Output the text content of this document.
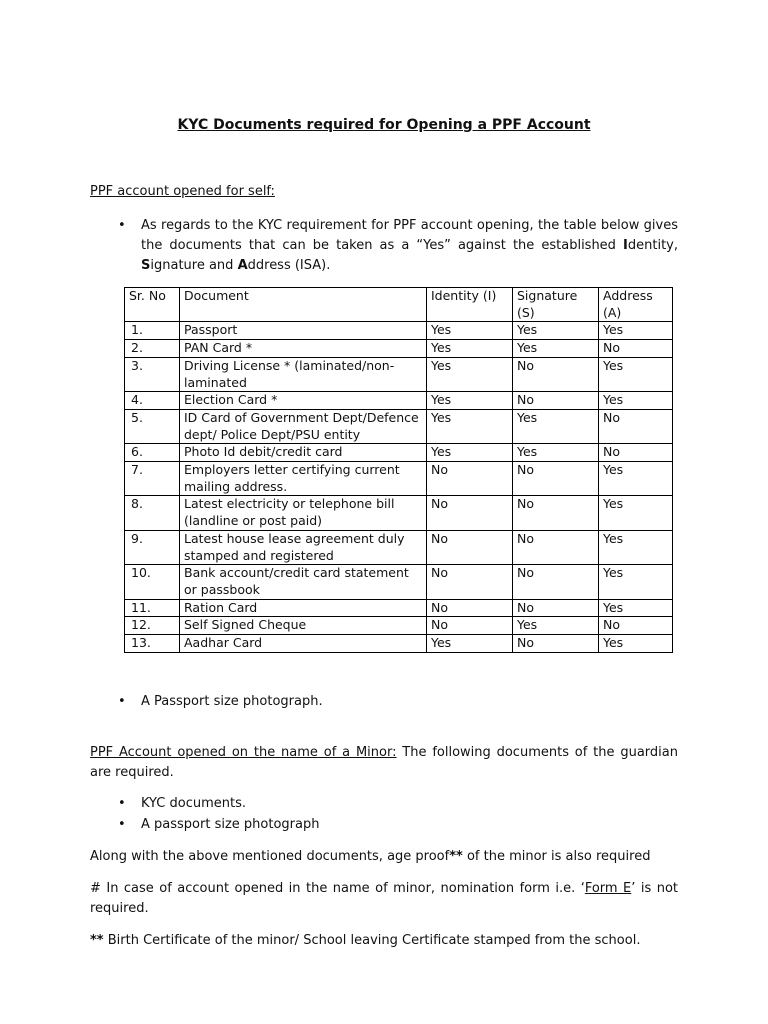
KYC Documents required for Opening a PPF Account
PPF account opened for self:
• As regards to the KYC requirement for PPF account opening, the table below gives the documents that can be taken as a “Yes” against the established Identity, Signature and Address (ISA).
Sr. No	Document	Identity (I)	Signature (S)	Address (A)
1.	Passport	Yes	Yes	Yes
2.	PAN Card *	Yes	Yes	No
3.	Driving License * (laminated/non-laminated	Yes	No	Yes
4.	Election Card *	Yes	No	Yes
5.	ID Card of Government Dept/Defence dept/ Police Dept/PSU entity	Yes	Yes	No
6.	Photo Id debit/credit card	Yes	Yes	No
7.	Employers letter certifying current mailing address.	No	No	Yes
8.	Latest electricity or telephone bill (landline or post paid)	No	No	Yes
9.	Latest house lease agreement duly stamped and registered	No	No	Yes
10.	Bank account/credit card statement or passbook	No	No	Yes
11.	Ration Card	No	No	Yes
12.	Self Signed Cheque	No	Yes	No
13.	Aadhar Card	Yes	No	Yes
• A Passport size photograph.
PPF Account opened on the name of a Minor: The following documents of the guardian are required.
• KYC documents.
• A passport size photograph
Along with the above mentioned documents, age proof** of the minor is also required
# In case of account opened in the name of minor, nomination form i.e. ‘Form E’ is not required.
** Birth Certificate of the minor/ School leaving Certificate stamped from the school.
